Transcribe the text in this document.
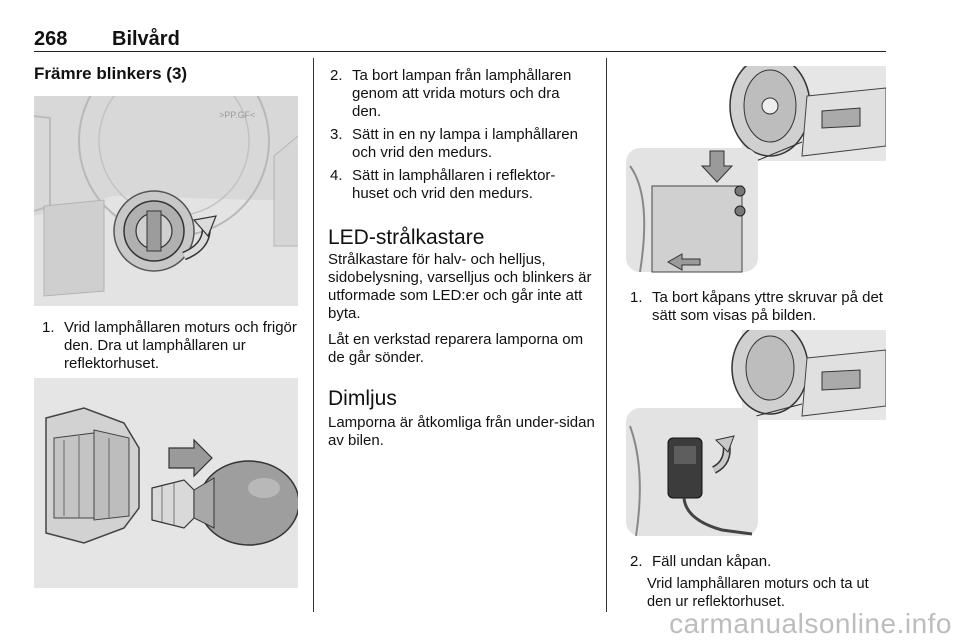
268 Bilvård
Främre blinkers (3)
>PP.GF<
1. Vrid lamphållaren moturs och frigör den. Dra ut lamphållaren ur reflektorhuset.
2. Ta bort lampan från lamphållaren genom att vrida moturs och dra den.
3. Sätt in en ny lampa i lamphållaren och vrid den medurs.
4. Sätt in lamphållaren i reflektor-huset och vrid den medurs.
LED-strålkastare
Strålkastare för halv- och helljus, sidobelysning, varselljus och blinkers är utformade som LED:er och går inte att byta.
Låt en verkstad reparera lamporna om de går sönder.
Dimljus
Lamporna är åtkomliga från under-sidan av bilen.
1. Ta bort kåpans yttre skruvar på det sätt som visas på bilden.
2. Fäll undan kåpan.
Vrid lamphållaren moturs och ta ut den ur reflektorhuset.
carmanualsonline.info
